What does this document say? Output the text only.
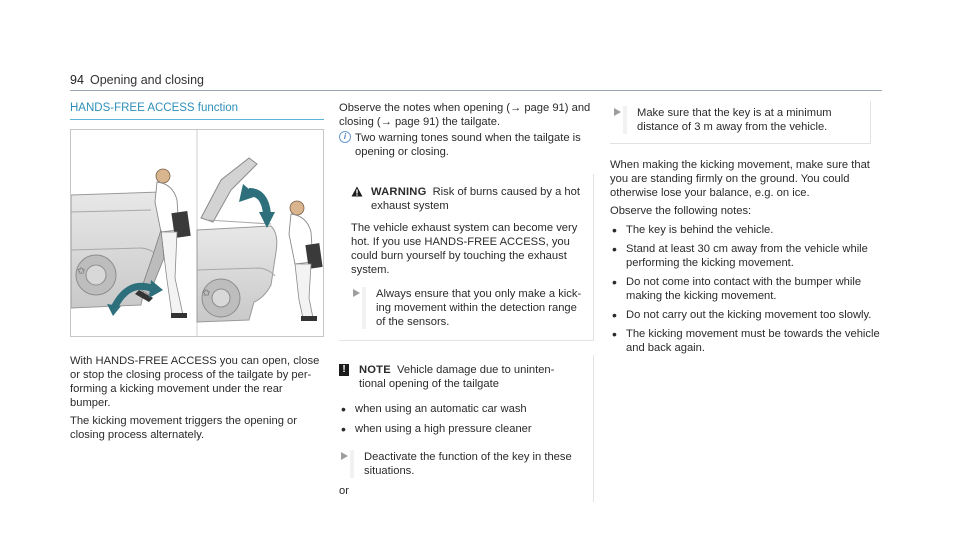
94 Opening and closing
HANDS-FREE ACCESS function
✩
✩

With HANDS-FREE ACCESS you can open, close or stop the closing process of the tailgate by per- forming a kicking movement under the rear bumper.

The kicking movement triggers the opening or closing process alternately.

Observe the notes when opening (→ page 91) and closing (→ page 91) the tailgate.

i Two warning tones sound when the tailgate is opening or closing.
WARNING Risk of burns caused by a hot exhaust system

The vehicle exhaust system can become very hot. If you use HANDS-FREE ACCESS, you could burn yourself by touching the exhaust system.

Always ensure that you only make a kick- ing movement within the detection range of the sensors.
! NOTE Vehicle damage due to uninten- tional opening of the tailgate
• when using an automatic car wash
• when using a high pressure cleaner
Deactivate the function of the key in these situations.
or
Make sure that the key is at a minimum distance of 3 m away from the vehicle.

When making the kicking movement, make sure that you are standing firmly on the ground. You could otherwise lose your balance, e.g. on ice.

Observe the following notes:

• The key is behind the vehicle.
• Stand at least 30 cm away from the vehicle while performing the kicking movement.
• Do not come into contact with the bumper while making the kicking movement.
• Do not carry out the kicking movement too slowly.
• The kicking movement must be towards the vehicle and back again.
